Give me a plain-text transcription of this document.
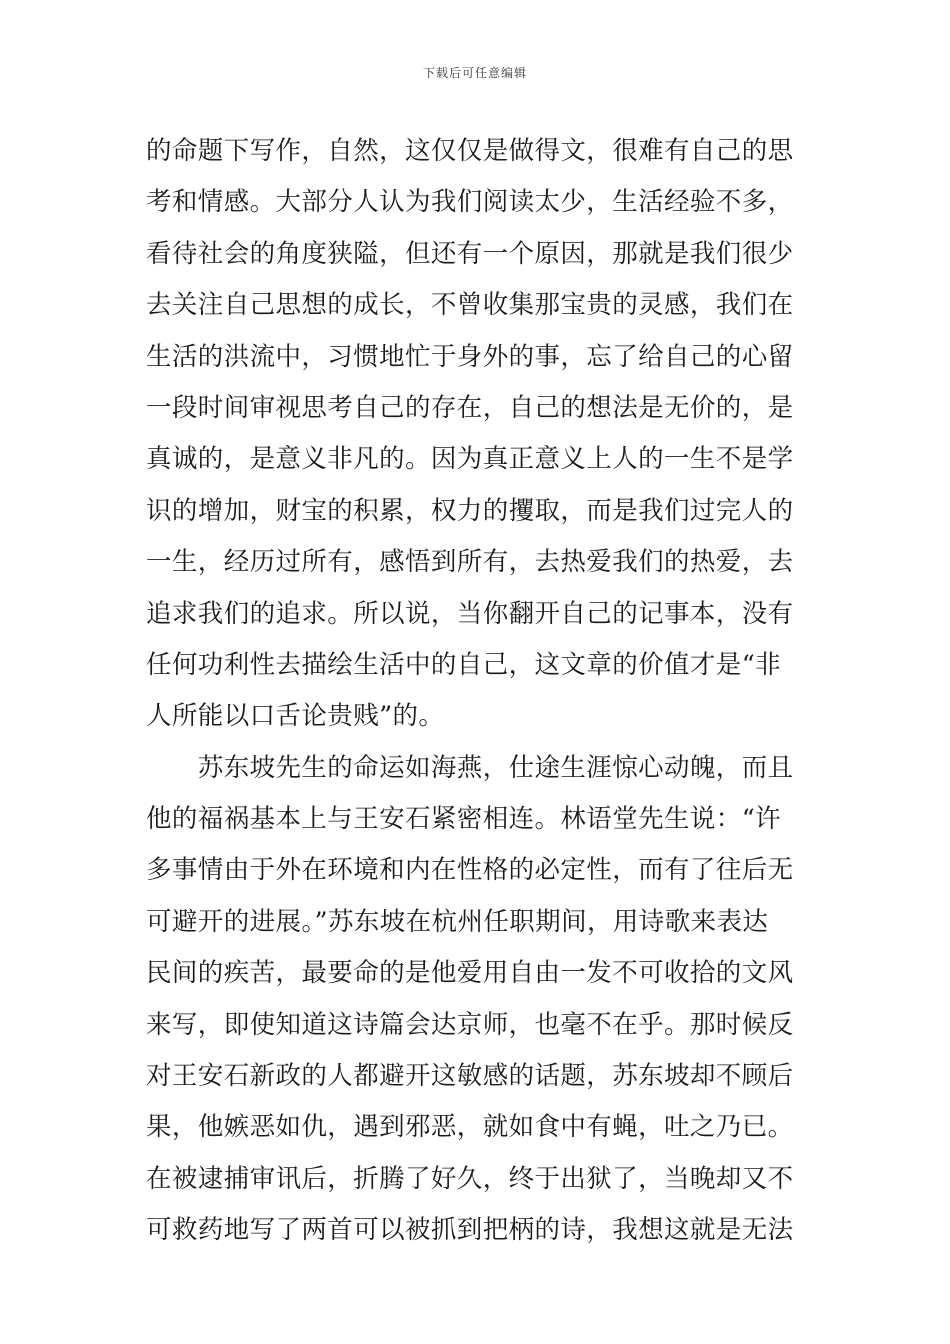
下载后可任意编辑
的命题下写作，自然，这仅仅是做得文，很难有自己的思
考和情感。大部分人认为我们阅读太少，生活经验不多，
看待社会的角度狭隘，但还有一个原因，那就是我们很少
去关注自己思想的成长，不曾收集那宝贵的灵感，我们在
生活的洪流中，习惯地忙于身外的事，忘了给自己的心留
一段时间审视思考自己的存在，自己的想法是无价的，是
真诚的，是意义非凡的。因为真正意义上人的一生不是学
识的增加，财宝的积累，权力的攫取，而是我们过完人的
一生，经历过所有，感悟到所有，去热爱我们的热爱，去
追求我们的追求。所以说，当你翻开自己的记事本，没有
任何功利性去描绘生活中的自己，这文章的价值才是“非
人所能以口舌论贵贱”的。
　　苏东坡先生的命运如海燕，仕途生涯惊心动魄，而且
他的福祸基本上与王安石紧密相连。林语堂先生说：“许
多事情由于外在环境和内在性格的必定性，而有了往后无
可避开的进展。”苏东坡在杭州任职期间，用诗歌来表达
民间的疾苦，最要命的是他爱用自由一发不可收拾的文风
来写，即使知道这诗篇会达京师，也毫不在乎。那时候反
对王安石新政的人都避开这敏感的话题，苏东坡却不顾后
果，他嫉恶如仇，遇到邪恶，就如食中有蝇，吐之乃已。
在被逮捕审讯后，折腾了好久，终于出狱了，当晚却又不
可救药地写了两首可以被抓到把柄的诗，我想这就是无法
